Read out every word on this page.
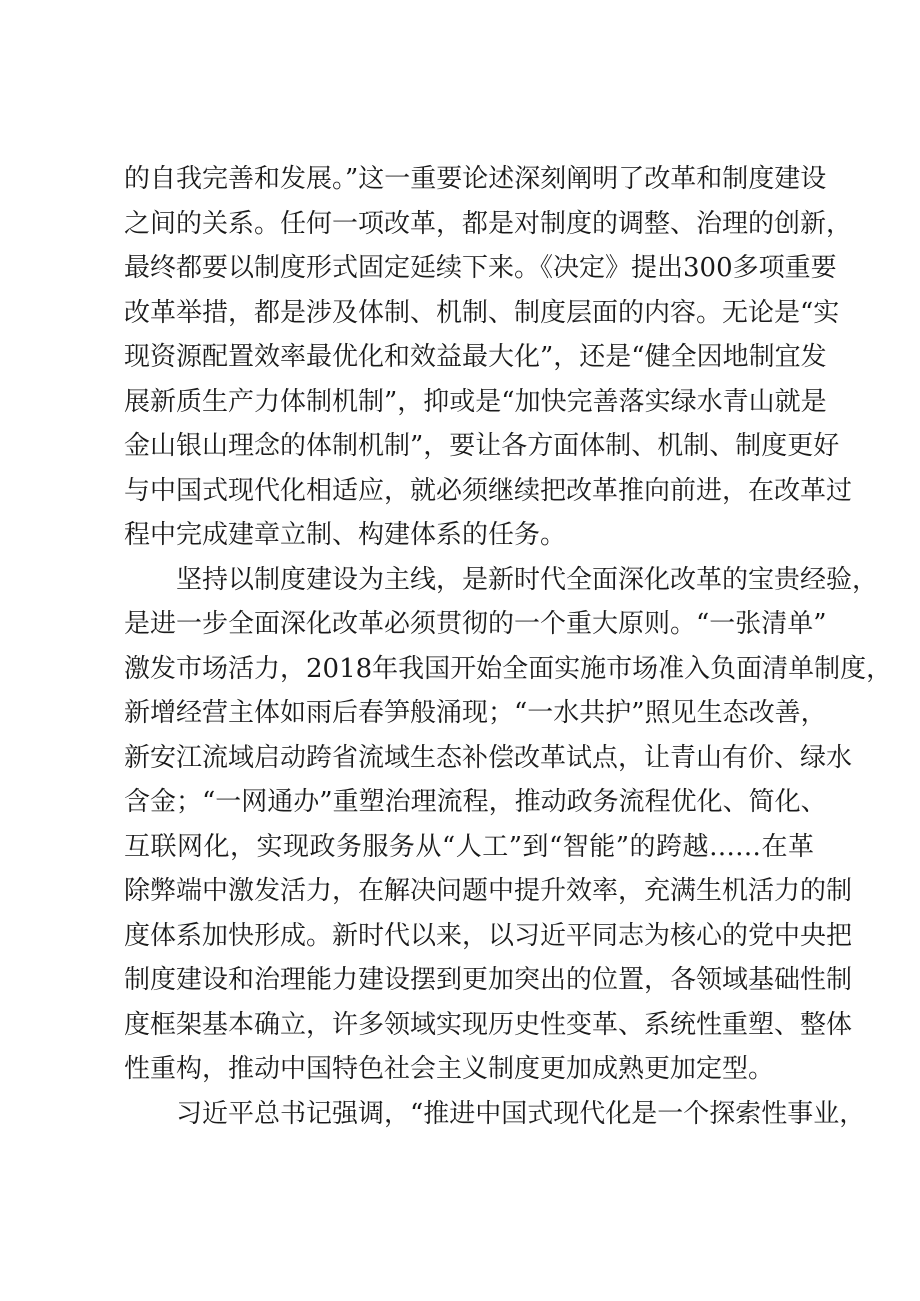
的自我完善和发展。”这一重要论述深刻阐明了改革和制度建设
之间的关系。任何一项改革，都是对制度的调整、治理的创新，
最终都要以制度形式固定延续下来。《决定》提出300多项重要
改革举措，都是涉及体制、机制、制度层面的内容。无论是“实
现资源配置效率最优化和效益最大化”，还是“健全因地制宜发
展新质生产力体制机制”，抑或是“加快完善落实绿水青山就是
金山银山理念的体制机制”，要让各方面体制、机制、制度更好
与中国式现代化相适应，就必须继续把改革推向前进，在改革过
程中完成建章立制、构建体系的任务。
坚持以制度建设为主线，是新时代全面深化改革的宝贵经验，
是进一步全面深化改革必须贯彻的一个重大原则。“一张清单”
激发市场活力，2018年我国开始全面实施市场准入负面清单制度，
新增经营主体如雨后春笋般涌现；“一水共护”照见生态改善，
新安江流域启动跨省流域生态补偿改革试点，让青山有价、绿水
含金；“一网通办”重塑治理流程，推动政务流程优化、简化、
互联网化，实现政务服务从“人工”到“智能”的跨越……在革
除弊端中激发活力，在解决问题中提升效率，充满生机活力的制
度体系加快形成。新时代以来，以习近平同志为核心的党中央把
制度建设和治理能力建设摆到更加突出的位置，各领域基础性制
度框架基本确立，许多领域实现历史性变革、系统性重塑、整体
性重构，推动中国特色社会主义制度更加成熟更加定型。
习近平总书记强调，“推进中国式现代化是一个探索性事业，
